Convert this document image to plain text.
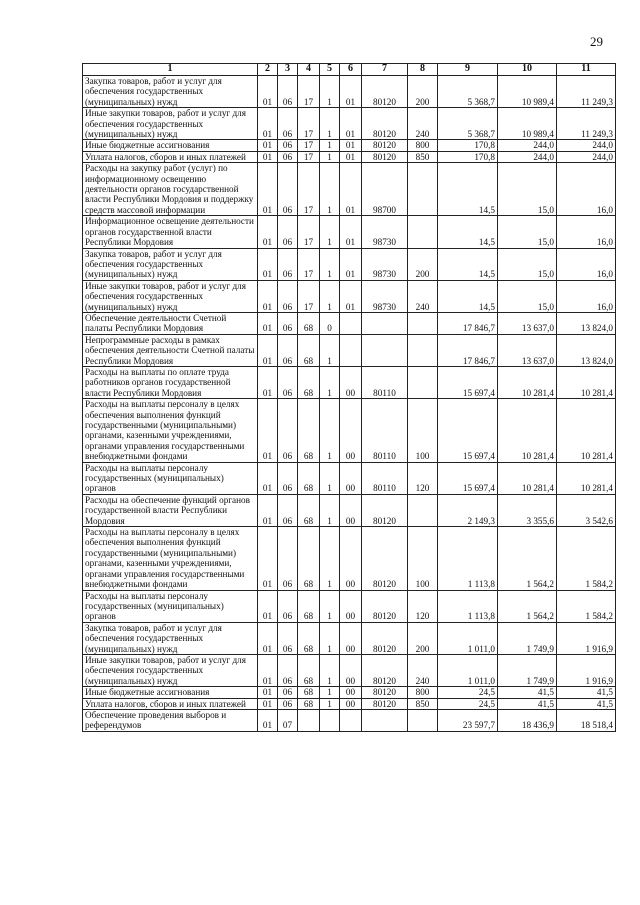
29
1	2	3	4	5	6	7	8	9	10	11
Закупка товаров, работ и услуг для обеспечения государственных (муниципальных) нужд	01	06	17	1	01	80120	200	5 368,7	10 989,4	11 249,3
Иные закупки товаров, работ и услуг для обеспечения государственных (муниципальных) нужд	01	06	17	1	01	80120	240	5 368,7	10 989,4	11 249,3
Иные бюджетные ассигнования	01	06	17	1	01	80120	800	170,8	244,0	244,0
Уплата налогов, сборов и иных платежей	01	06	17	1	01	80120	850	170,8	244,0	244,0
Расходы на закупку работ (услуг) по информационному освещению деятельности органов государственной власти Республики Мордовия и поддержку средств массовой информации	01	06	17	1	01	98700		14,5	15,0	16,0
Информационное освещение деятельности органов государственной власти Республики Мордовия	01	06	17	1	01	98730		14,5	15,0	16,0
Закупка товаров, работ и услуг для обеспечения государственных (муниципальных) нужд	01	06	17	1	01	98730	200	14,5	15,0	16,0
Иные закупки товаров, работ и услуг для обеспечения государственных (муниципальных) нужд	01	06	17	1	01	98730	240	14,5	15,0	16,0
Обеспечение деятельности Счетной палаты Республики Мордовия	01	06	68	0				17 846,7	13 637,0	13 824,0
Непрограммные расходы в рамках обеспечения деятельности Счетной палаты Республики Мордовия	01	06	68	1				17 846,7	13 637,0	13 824,0
Расходы на выплаты по оплате труда работников органов государственной власти Республики Мордовия	01	06	68	1	00	80110		15 697,4	10 281,4	10 281,4
Расходы на выплаты персоналу в целях обеспечения выполнения функций государственными (муниципальными) органами, казенными учреждениями, органами управления государственными внебюджетными фондами	01	06	68	1	00	80110	100	15 697,4	10 281,4	10 281,4
Расходы на выплаты персоналу государственных (муниципальных) органов	01	06	68	1	00	80110	120	15 697,4	10 281,4	10 281,4
Расходы на обеспечение функций органов государственной власти Республики Мордовия	01	06	68	1	00	80120		2 149,3	3 355,6	3 542,6
Расходы на выплаты персоналу в целях обеспечения выполнения функций государственными (муниципальными) органами, казенными учреждениями, органами управления государственными внебюджетными фондами	01	06	68	1	00	80120	100	1 113,8	1 564,2	1 584,2
Расходы на выплаты персоналу государственных (муниципальных) органов	01	06	68	1	00	80120	120	1 113,8	1 564,2	1 584,2
Закупка товаров, работ и услуг для обеспечения государственных (муниципальных) нужд	01	06	68	1	00	80120	200	1 011,0	1 749,9	1 916,9
Иные закупки товаров, работ и услуг для обеспечения государственных (муниципальных) нужд	01	06	68	1	00	80120	240	1 011,0	1 749,9	1 916,9
Иные бюджетные ассигнования	01	06	68	1	00	80120	800	24,5	41,5	41,5
Уплата налогов, сборов и иных платежей	01	06	68	1	00	80120	850	24,5	41,5	41,5
Обеспечение проведения выборов и референдумов	01	07						23 597,7	18 436,9	18 518,4
